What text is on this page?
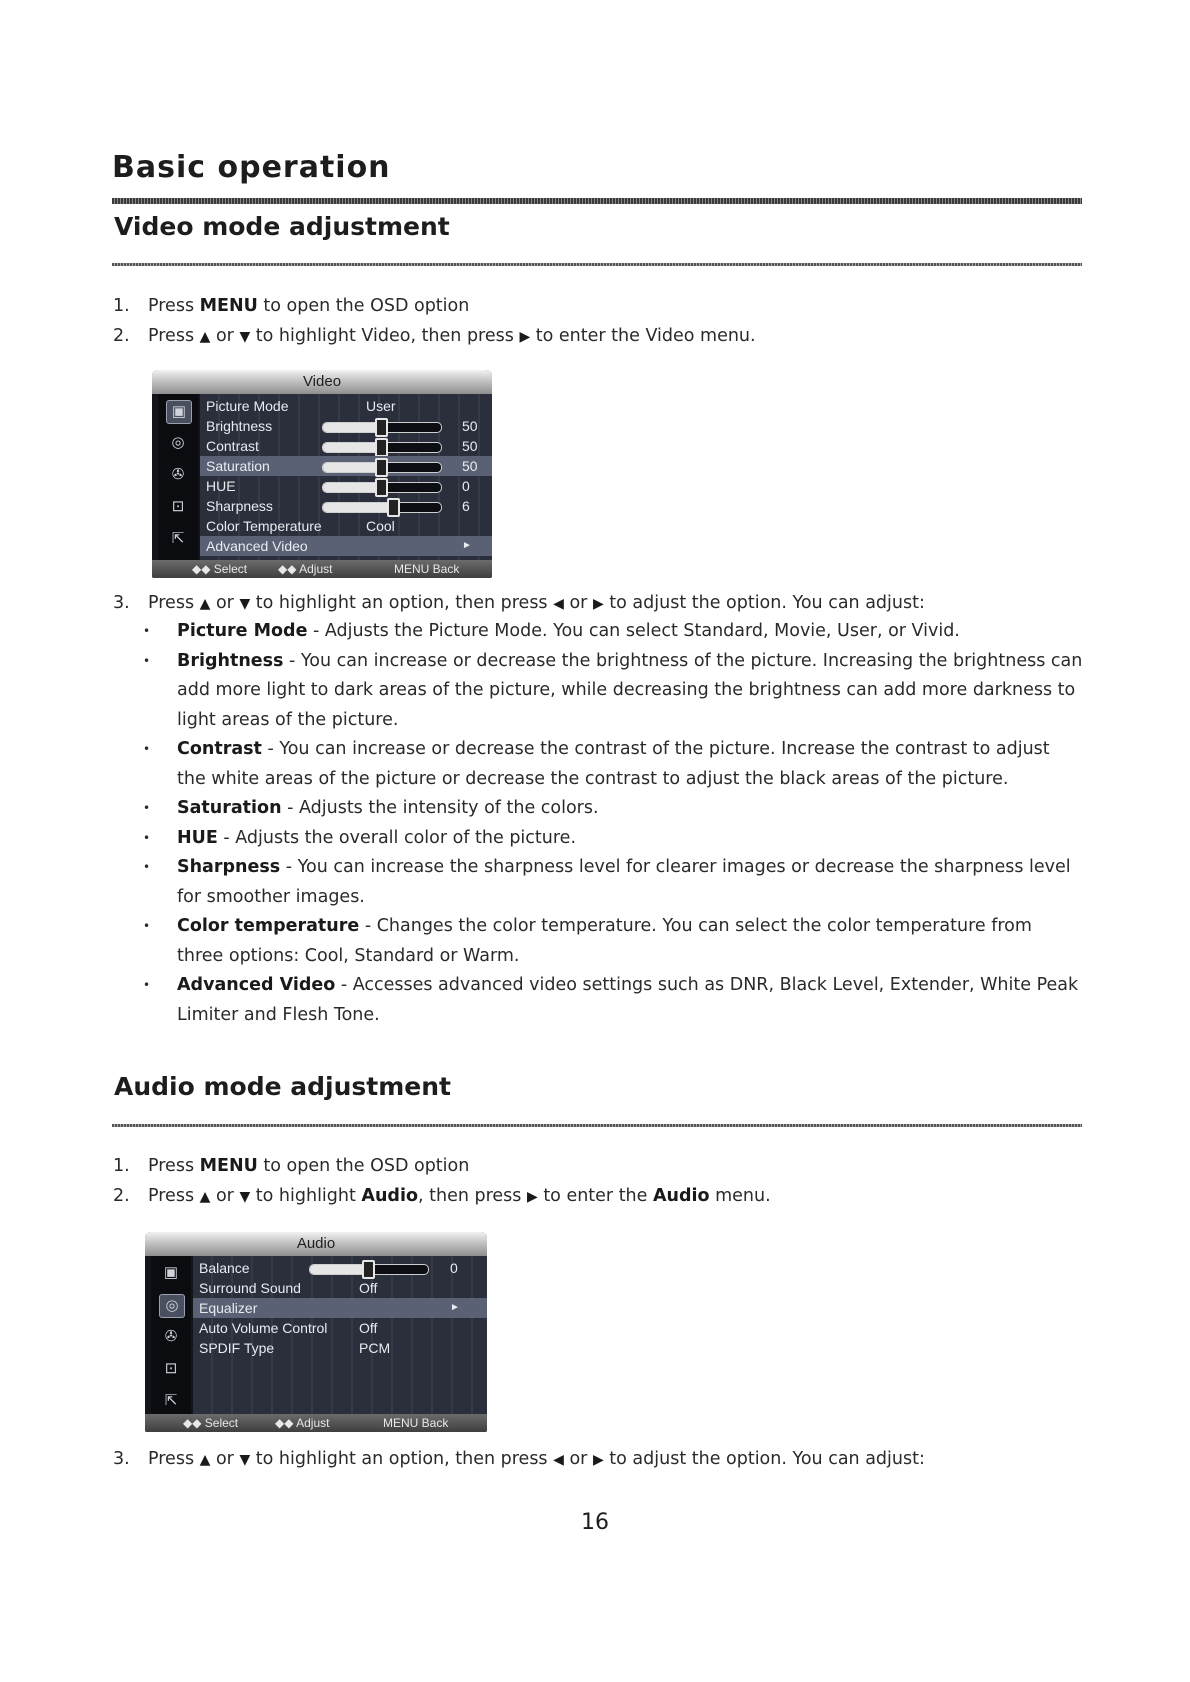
Basic operation
Video mode adjustment
1. Press MENU to open the OSD option
2. Press ▲ or ▼ to highlight Video, then press ▶ to enter the Video menu.
Video
▣
◎
✇
⊡
⇱
Picture Mode	User
Brightness	50
Contrast	50
Saturation	50
HUE	0
Sharpness	6
Color Temperature	Cool
Advanced Video	►
◆◆ Select	◆◆ Adjust	MENU Back
3. Press ▲ or ▼ to highlight an option, then press ◀ or ▶ to adjust the option. You can adjust:
• Picture Mode - Adjusts the Picture Mode. You can select Standard, Movie, User, or Vivid.
• Brightness - You can increase or decrease the brightness of the picture. Increasing the brightness can add more light to dark areas of the picture, while decreasing the brightness can add more darkness to light areas of the picture.
• Contrast - You can increase or decrease the contrast of the picture. Increase the contrast to adjust the white areas of the picture or decrease the contrast to adjust the black areas of the picture.
• Saturation - Adjusts the intensity of the colors.
• HUE - Adjusts the overall color of the picture.
• Sharpness - You can increase the sharpness level for clearer images or decrease the sharpness level for smoother images.
• Color temperature - Changes the color temperature. You can select the color temperature from three options: Cool, Standard or Warm.
• Advanced Video - Accesses advanced video settings such as DNR, Black Level, Extender, White Peak Limiter and Flesh Tone.
Audio mode adjustment
1. Press MENU to open the OSD option
2. Press ▲ or ▼ to highlight Audio, then press ▶ to enter the Audio menu.
Audio
▣
◎
✇
⊡
⇱
Balance	0
Surround Sound	Off
Equalizer	►
Auto Volume Control Off
SPDIF Type	PCM
◆◆ Select	◆◆ Adjust	MENU Back
3. Press ▲ or ▼ to highlight an option, then press ◀ or ▶ to adjust the option. You can adjust:
16
